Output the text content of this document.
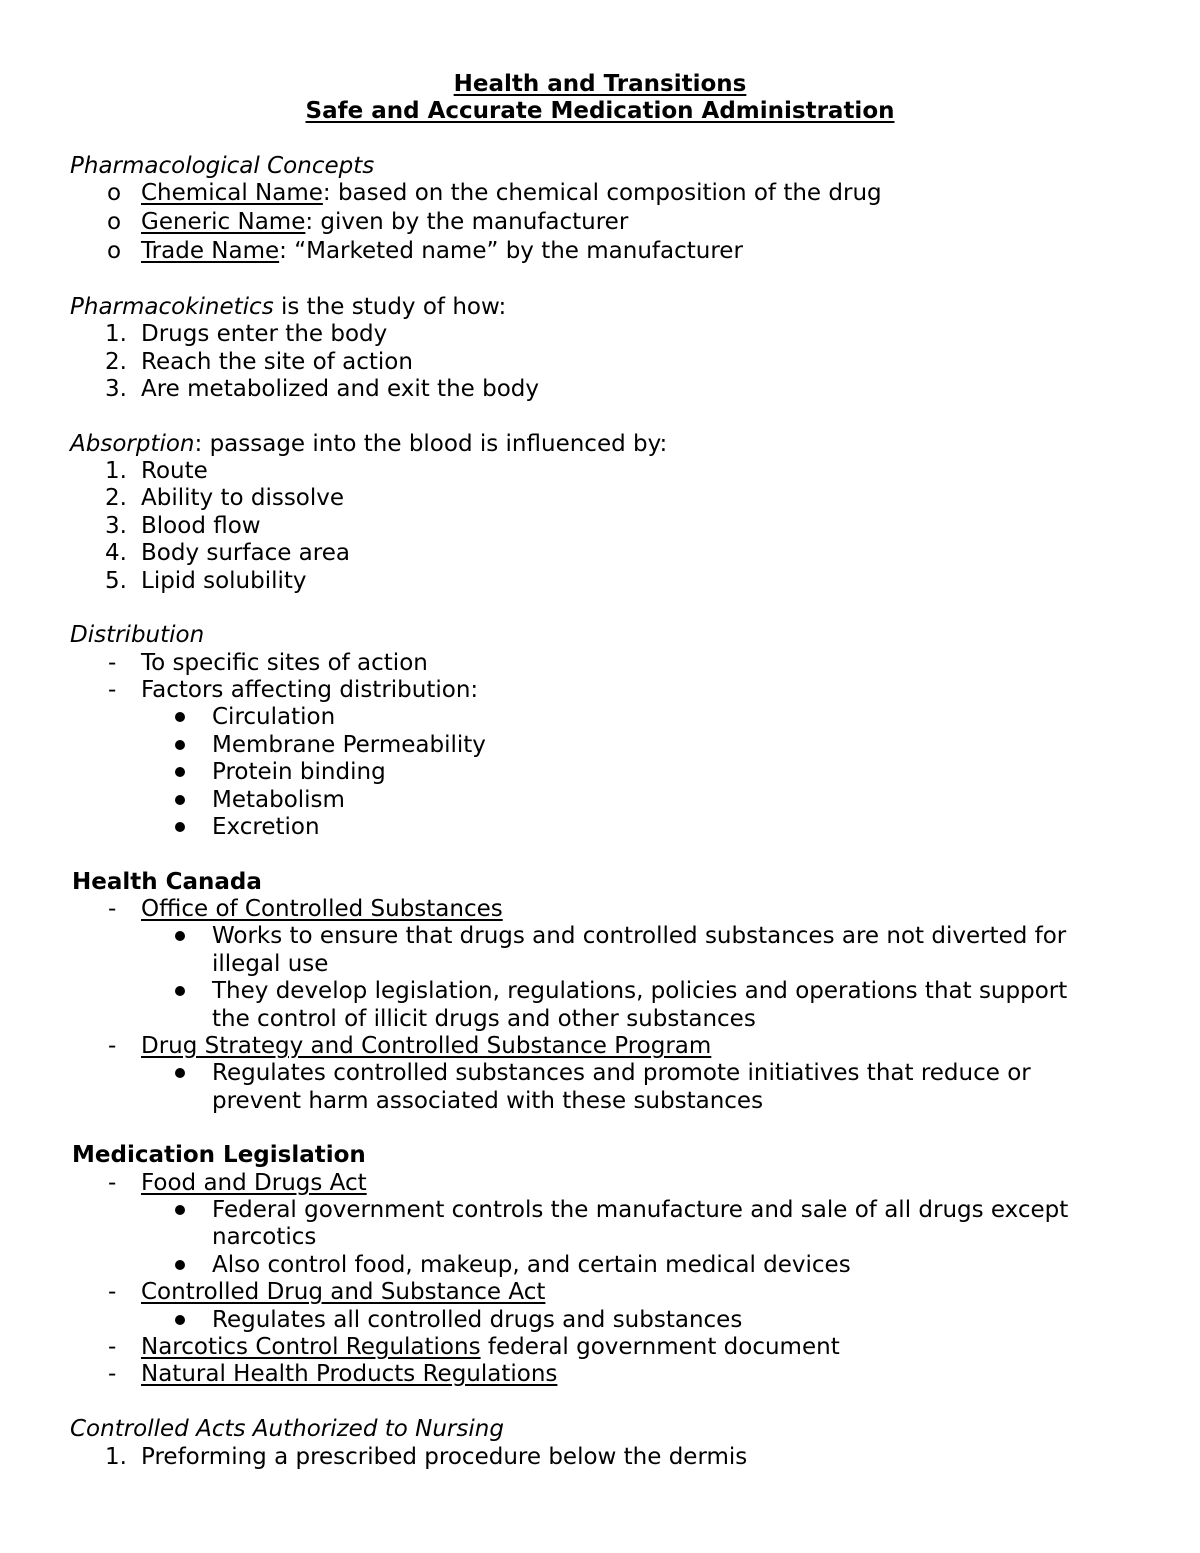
Health and Transitions
Safe and Accurate Medication Administration
Pharmacological Concepts
o Chemical Name: based on the chemical composition of the drug
o Generic Name: given by the manufacturer
o Trade Name: “Marketed name” by the manufacturer
Pharmacokinetics is the study of how:
1. Drugs enter the body
2. Reach the site of action
3. Are metabolized and exit the body
Absorption: passage into the blood is influenced by:
1. Route
2. Ability to dissolve
3. Blood flow
4. Body surface area
5. Lipid solubility
Distribution
- To specific sites of action
- Factors affecting distribution:
Circulation
Membrane Permeability
Protein binding
Metabolism
Excretion
Health Canada
- Office of Controlled Substances
Works to ensure that drugs and controlled substances are not diverted for
illegal use
They develop legislation, regulations, policies and operations that support
the control of illicit drugs and other substances
- Drug Strategy and Controlled Substance Program
Regulates controlled substances and promote initiatives that reduce or
prevent harm associated with these substances
Medication Legislation
- Food and Drugs Act
Federal government controls the manufacture and sale of all drugs except
narcotics
Also control food, makeup, and certain medical devices
- Controlled Drug and Substance Act
Regulates all controlled drugs and substances
- Narcotics Control Regulations federal government document
- Natural Health Products Regulations
Controlled Acts Authorized to Nursing
1. Preforming a prescribed procedure below the dermis
